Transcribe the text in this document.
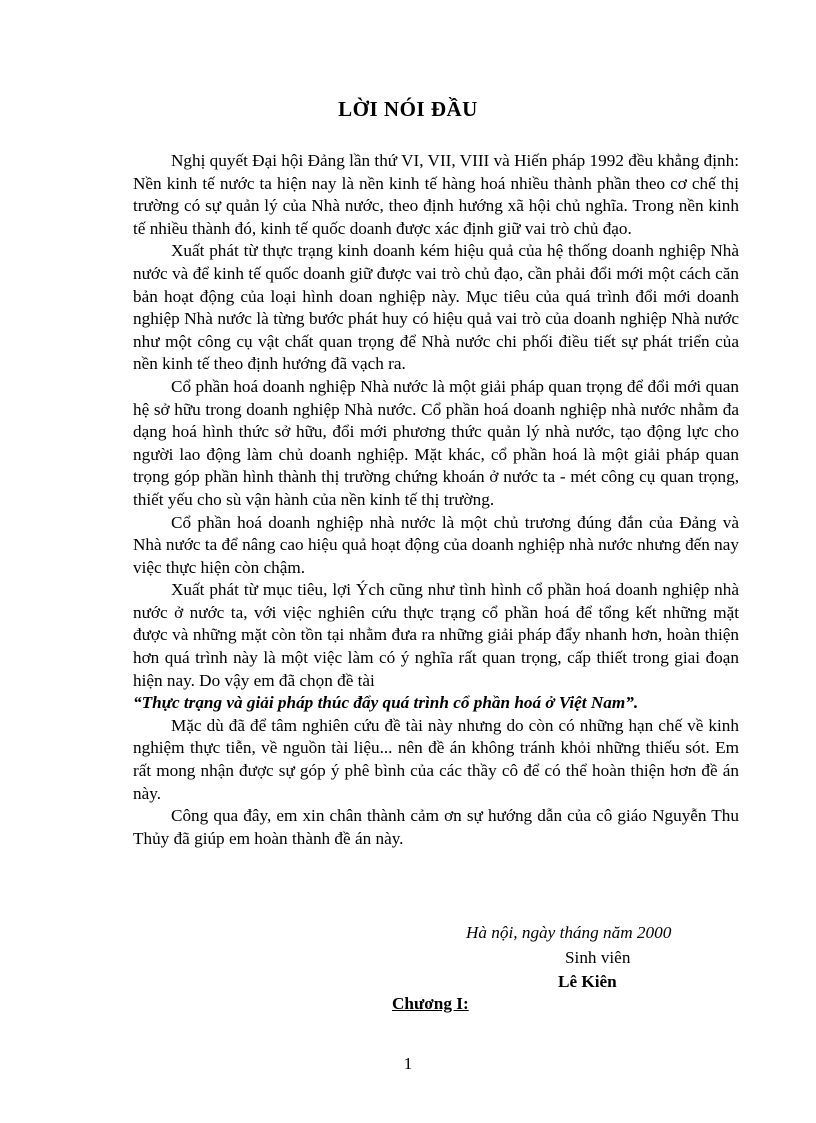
LỜI NÓI ĐẦU

Nghị quyết Đại hội Đảng lần thứ VI, VII, VIII và Hiến pháp 1992 đều khẳng định: Nền kinh tế nước ta hiện nay là nền kinh tế hàng hoá nhiều thành phần theo cơ chế thị trường có sự quản lý của Nhà nước, theo định hướng xã hội chủ nghĩa. Trong nền kinh tế nhiều thành đó, kinh tế quốc doanh được xác định giữ vai trò chủ đạo.

Xuất phát từ thực trạng kinh doanh kém hiệu quả của hệ thống doanh nghiệp Nhà nước và để kinh tế quốc doanh giữ được vai trò chủ đạo, cần phải đổi mới một cách căn bản hoạt động của loại hình doan nghiệp này. Mục tiêu của quá trình đổi mới doanh nghiệp Nhà nước là từng bước phát huy có hiệu quả vai trò của doanh nghiệp Nhà nước như một công cụ vật chất quan trọng để Nhà nước chi phối điều tiết sự phát triển của nền kinh tế theo định hướng đã vạch ra.

Cổ phần hoá doanh nghiệp Nhà nước là một giải pháp quan trọng để đổi mới quan hệ sở hữu trong doanh nghiệp Nhà nước. Cổ phần hoá doanh nghiệp nhà nước nhằm đa dạng hoá hình thức sở hữu, đổi mới phương thức quản lý nhà nước, tạo động lực cho người lao động làm chủ doanh nghiệp. Mặt khác, cổ phần hoá là một giải pháp quan trọng góp phần hình thành thị trường chứng khoán ở nước ta - mét công cụ quan trọng, thiết yếu cho sù vận hành của nền kinh tế thị trường.

Cổ phần hoá doanh nghiệp nhà nước là một chủ trương đúng đắn của Đảng và Nhà nước ta để nâng cao hiệu quả hoạt động của doanh nghiệp nhà nước nhưng đến nay việc thực hiện còn chậm.

Xuất phát từ mục tiêu, lợi Ých cũng như tình hình cổ phần hoá doanh nghiệp nhà nước ở nước ta, với việc nghiên cứu thực trạng cổ phần hoá để tổng kết những mặt được và những mặt còn tồn tại nhằm đưa ra những giải pháp đẩy nhanh hơn, hoàn thiện hơn quá trình này là một việc làm có ý nghĩa rất quan trọng, cấp thiết trong giai đoạn hiện nay. Do vậy em đã chọn đề tài

“Thực trạng và giải pháp thúc đẩy quá trình cổ phần hoá ở Việt Nam”.

Mặc dù đã để tâm nghiên cứu đề tài này nhưng do còn có những hạn chế về kinh nghiệm thực tiễn, về nguồn tài liệu... nên đề án không tránh khỏi những thiếu sót. Em rất mong nhận được sự góp ý phê bình của các thầy cô để có thể hoàn thiện hơn đề án này.

Công qua đây, em xin chân thành cảm ơn sự hướng dẫn của cô giáo Nguyễn Thu Thủy đã giúp em hoàn thành đề án này.

Hà nội, ngày tháng năm 2000
Sinh viên
Lê Kiên
Chương I:
1
